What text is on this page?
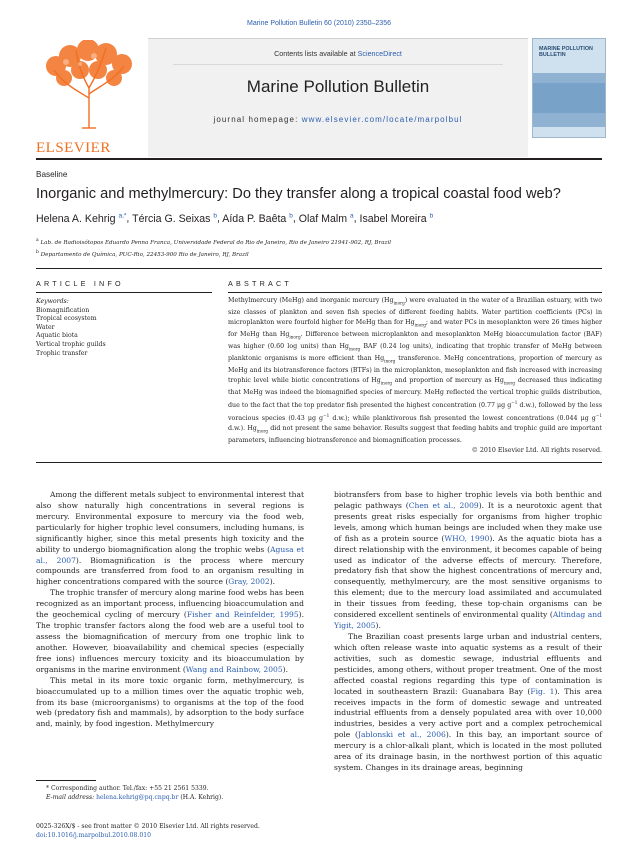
Marine Pollution Bulletin 60 (2010) 2350–2356
ELSEVIER
Contents lists available at ScienceDirect
Marine Pollution Bulletin
journal homepage: www.elsevier.com/locate/marpolbul
MARINE POLLUTION BULLETIN
Baseline
Inorganic and methylmercury: Do they transfer along a tropical coastal food web?
Helena A. Kehrig $^{a,*}$, Tércia G. Seixas $^b$, Aída P. Baêta $^b$, Olaf Malm $^a$, Isabel Moreira $^b$
$^a$ Lab. de Radioisótopos Eduardo Penna Franca, Universidade Federal do Rio de Janeiro, Rio de Janeiro 21941-902, RJ, Brazil
$^b$ Departamento de Química, PUC-Rio, 22453-900 Rio de Janeiro, RJ, Brazil
ARTICLE INFO	ABSTRACT
Keywords:
Biomagnification
Tropical ecosystem
Water
Aquatic biota
Vertical trophic guilds
Trophic transfer
Methylmercury (MeHg) and inorganic mercury $(Hg_{inorg})$ were evaluated in the water of a Brazilian estuary, with two size classes of plankton and seven fish species of different feeding habits. Water partition coefficients (PCs) in microplankton were fourfold higher for MeHg than for $Hg_{inorg}$; and water PCs in mesoplankton were 26 times higher for MeHg than $Hg_{inorg}$. Difference between microplankton and mesoplankton MeHg bioaccumulation factor (BAF) was higher (0.60 log units) than $Hg_{inorg}$ BAF (0.24 log units), indicating that trophic transfer of MeHg between planktonic organisms is more efficient than $Hg_{inorg}$ transference. MeHg concentrations, proportion of mercury as MeHg and its biotransference factors (BTFs) in the microplankton, mesoplankton and fish increased with increasing trophic level while biotic concentrations of $Hg_{inorg}$ and proportion of mercury as $Hg_{inorg}$ decreased thus indicating that MeHg was indeed the biomagnified species of mercury. MeHg reflected the vertical trophic guilds distribution, due to the fact that the top predator fish presented the highest concentration (0.77 μg $g^{-1}$ d.w.), followed by the less voracious species (0.43 μg $g^{-1}$ d.w.); while planktivorous fish presented the lowest concentrations (0.044 μg $g^{-1}$ d.w.). $Hg_{inorg}$ did not present the same behavior. Results suggest that feeding habits and trophic guild are important parameters, influencing biotransference and biomagnification processes.
© 2010 Elsevier Ltd. All rights reserved.

Among the different metals subject to environmental interest that also show naturally high concentrations in several regions is mercury. Environmental exposure to mercury via the food web, particularly for higher trophic level consumers, including humans, is significantly higher, since this metal presents high toxicity and the ability to undergo biomagnification along the trophic webs (Agusa et al., 2007). Biomagnification is the process where mercury compounds are transferred from food to an organism resulting in higher concentrations compared with the source (Gray, 2002).

The trophic transfer of mercury along marine food webs has been recognized as an important process, influencing bioaccumulation and the geochemical cycling of mercury (Fisher and Reinfelder, 1995). The trophic transfer factors along the food web are a useful tool to assess the biomagnification of mercury from one trophic link to another. However, bioavailability and chemical species (especially free ions) influences mercury toxicity and its bioaccumulation by organisms in the marine environment (Wang and Rainbow, 2005).

This metal in its more toxic organic form, methylmercury, is bioaccumulated up to a million times over the aquatic trophic web, from its base (microorganisms) to organisms at the top of the food web (predatory fish and mammals), by adsorption to the body surface and, mainly, by food ingestion. Methylmercury

biotransfers from base to higher trophic levels via both benthic and pelagic pathways (Chen et al., 2009). It is a neurotoxic agent that presents great risks especially for organisms from higher trophic levels, among which human beings are included when they make use of fish as a protein source (WHO, 1990). As the aquatic biota has a direct relationship with the environment, it becomes capable of being used as indicator of the adverse effects of mercury. Therefore, predatory fish that show the highest concentrations of mercury and, consequently, methylmercury, are the most sensitive organisms to this element; due to the mercury load assimilated and accumulated in their tissues from feeding, these top-chain organisms can be considered excellent sentinels of environmental quality (Altindag and Yigit, 2005).

The Brazilian coast presents large urban and industrial centers, which often release waste into aquatic systems as a result of their activities, such as domestic sewage, industrial effluents and pesticides, among others, without proper treatment. One of the most affected coastal regions regarding this type of contamination is located in southeastern Brazil: Guanabara Bay (Fig. 1). This area receives impacts in the form of domestic sewage and untreated industrial effluents from a densely populated area with over 10,000 industries, besides a very active port and a complex petrochemical pole (Jablonski et al., 2006). In this bay, an important source of mercury is a chlor-alkali plant, which is located in the most polluted area of its drainage basin, in the northwest portion of this aquatic system. Changes in its drainage areas, beginning

* Corresponding author. Tel./fax: +55 21 2561 5339.
E-mail address: helena.kehrig@pq.cnpq.br (H.A. Kehrig).
0025-326X/$ - see front matter © 2010 Elsevier Ltd. All rights reserved.
doi:10.1016/j.marpolbul.2010.08.010
